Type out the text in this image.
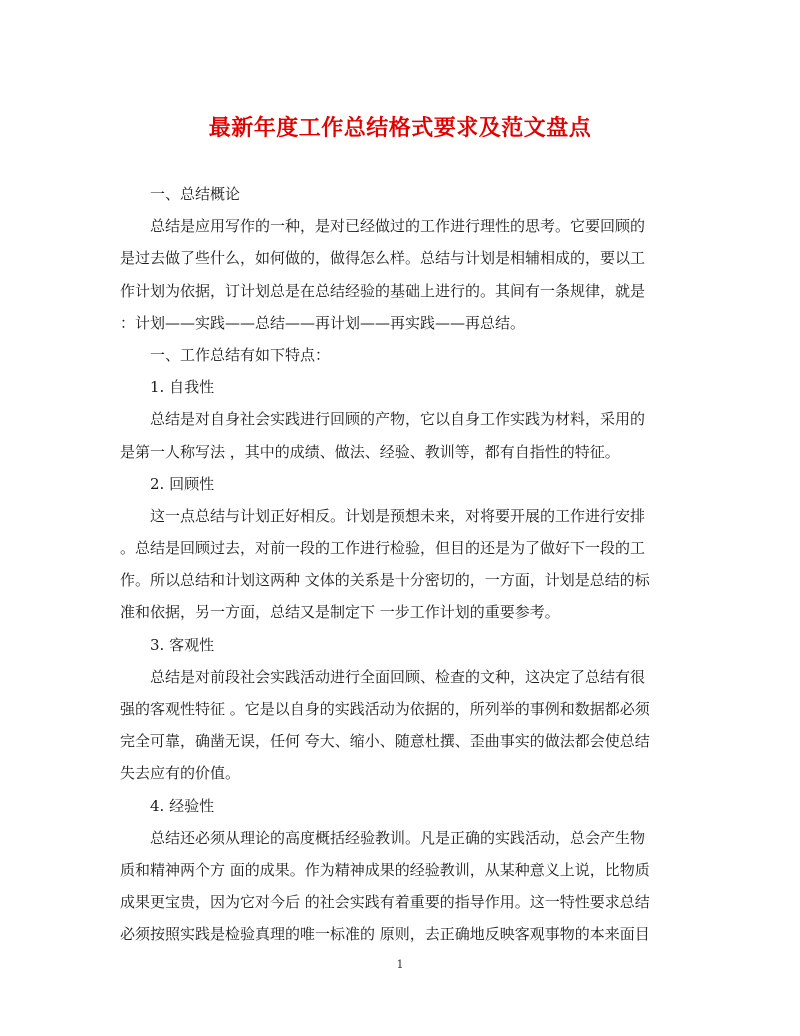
最新年度工作总结格式要求及范文盘点
一、总结概论
总结是应用写作的一种，是对已经做过的工作进行理性的思考。它要回顾的
是过去做了些什么，如何做的，做得怎么样。总结与计划是相辅相成的，要以工
作计划为依据，订计划总是在总结经验的基础上进行的。其间有一条规律，就是
：计划——实践——总结——再计划——再实践——再总结。
一、工作总结有如下特点：
1. 自我性
总结是对自身社会实践进行回顾的产物，它以自身工作实践为材料，采用的
是第一人称写法 ，其中的成绩、做法、经验、教训等，都有自指性的特征。
2. 回顾性
这一点总结与计划正好相反。计划是预想未来，对将要开展的工作进行安排
。总结是回顾过去，对前一段的工作进行检验，但目的还是为了做好下一段的工
作。所以总结和计划这两种 文体的关系是十分密切的，一方面，计划是总结的标
准和依据，另一方面，总结又是制定下 一步工作计划的重要参考。
3. 客观性
总结是对前段社会实践活动进行全面回顾、检查的文种，这决定了总结有很
强的客观性特征 。它是以自身的实践活动为依据的，所列举的事例和数据都必须
完全可靠，确凿无误，任何 夸大、缩小、随意杜撰、歪曲事实的做法都会使总结
失去应有的价值。
4. 经验性
总结还必须从理论的高度概括经验教训。凡是正确的实践活动，总会产生物
质和精神两个方 面的成果。作为精神成果的经验教训，从某种意义上说，比物质
成果更宝贵，因为它对今后 的社会实践有着重要的指导作用。这一特性要求总结
必须按照实践是检验真理的唯一标准的 原则，去正确地反映客观事物的本来面目
1
